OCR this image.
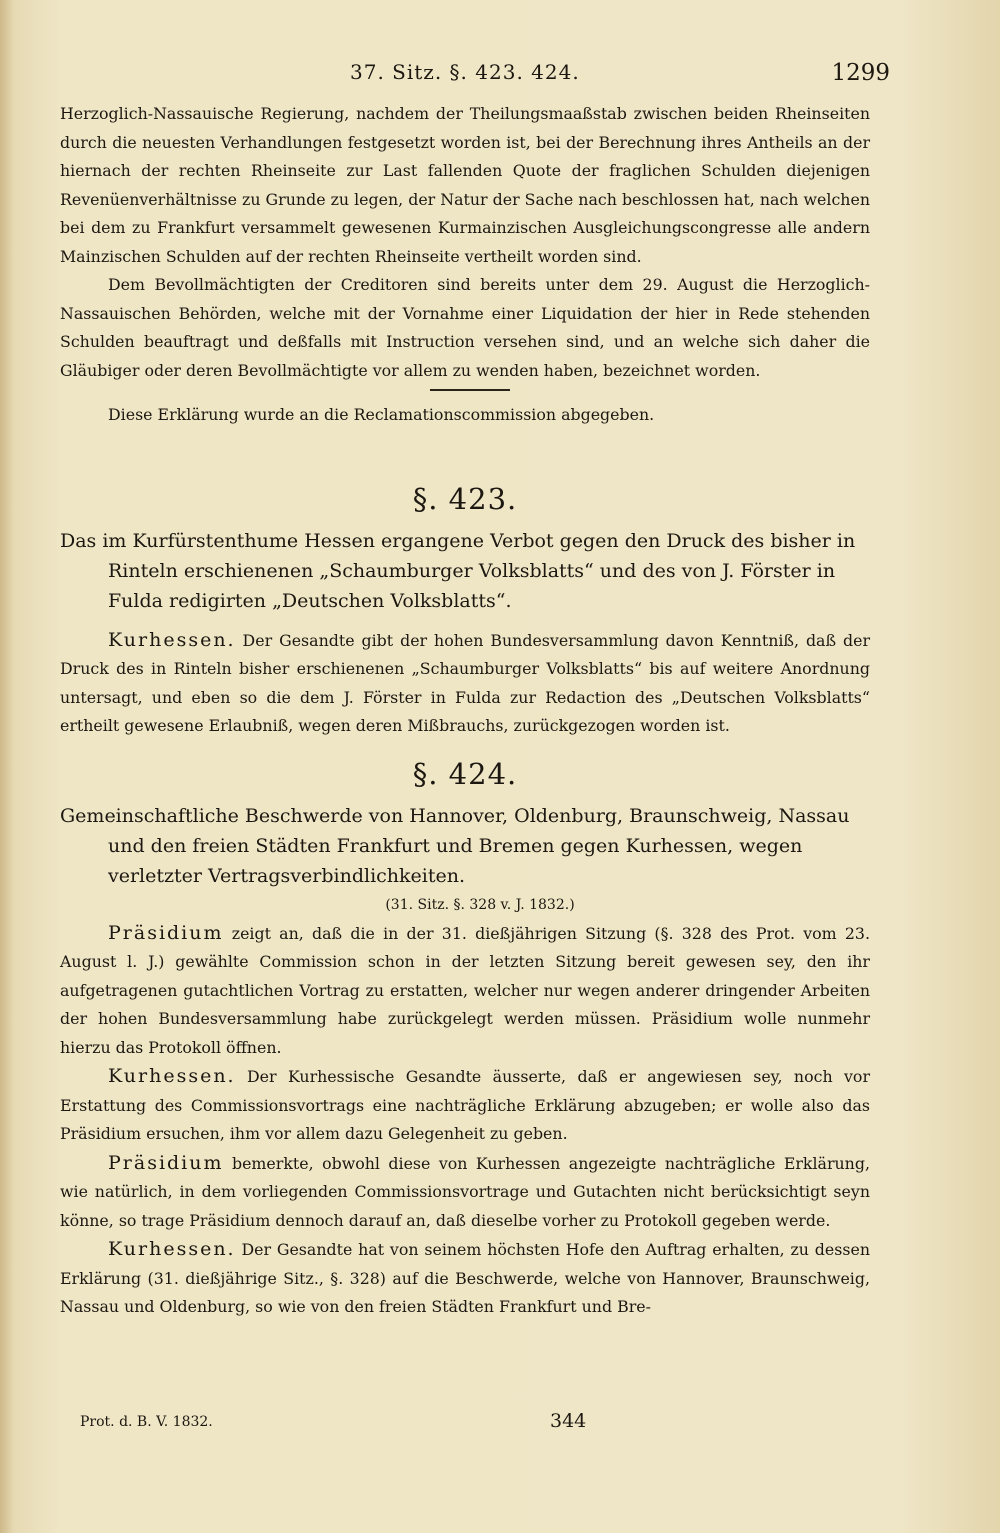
37. Sitz. §. 423. 424.	1299

Herzoglich-Nassauische Regierung, nachdem der Theilungsmaaßstab zwischen beiden Rheinseiten durch die neuesten Verhandlungen festgesetzt worden ist, bei der Berechnung ihres Antheils an der hiernach der rechten Rheinseite zur Last fallenden Quote der fraglichen Schulden diejenigen Revenüenverhältnisse zu Grunde zu legen, der Natur der Sache nach beschlossen hat, nach welchen bei dem zu Frankfurt versammelt gewesenen Kurmainzischen Ausgleichungscongresse alle andern Mainzischen Schulden auf der rechten Rheinseite vertheilt worden sind.

Dem Bevollmächtigten der Creditoren sind bereits unter dem 29. August die Herzoglich-Nassauischen Behörden, welche mit der Vornahme einer Liquidation der hier in Rede stehenden Schulden beauftragt und deßfalls mit Instruction versehen sind, und an welche sich daher die Gläubiger oder deren Bevollmächtigte vor allem zu wenden haben, bezeichnet worden.

Diese Erklärung wurde an die Reclamationscommission abgegeben.

§. 423.

Das im Kurfürstenthume Hessen ergangene Verbot gegen den Druck des bisher in Rinteln erschienenen „Schaumburger Volksblatts“ und des von J. Förster in Fulda redigirten „Deutschen Volksblatts“.

Kurhessen. Der Gesandte gibt der hohen Bundesversammlung davon Kenntniß, daß der Druck des in Rinteln bisher erschienenen „Schaumburger Volksblatts“ bis auf weitere Anordnung untersagt, und eben so die dem J. Förster in Fulda zur Redaction des „Deutschen Volksblatts“ ertheilt gewesene Erlaubniß, wegen deren Mißbrauchs, zurückgezogen worden ist.

§. 424.

Gemeinschaftliche Beschwerde von Hannover, Oldenburg, Braunschweig, Nassau und den freien Städten Frankfurt und Bremen gegen Kurhessen, wegen verletzter Vertragsverbindlichkeiten.

(31. Sitz. §. 328 v. J. 1832.)

Präsidium zeigt an, daß die in der 31. dießjährigen Sitzung (§. 328 des Prot. vom 23. August l. J.) gewählte Commission schon in der letzten Sitzung bereit gewesen sey, den ihr aufgetragenen gutachtlichen Vortrag zu erstatten, welcher nur wegen anderer dringender Arbeiten der hohen Bundesversammlung habe zurückgelegt werden müssen. Präsidium wolle nunmehr hierzu das Protokoll öffnen.

Kurhessen. Der Kurhessische Gesandte äusserte, daß er angewiesen sey, noch vor Erstattung des Commissionsvortrags eine nachträgliche Erklärung abzugeben; er wolle also das Präsidium ersuchen, ihm vor allem dazu Gelegenheit zu geben.

Präsidium bemerkte, obwohl diese von Kurhessen angezeigte nachträgliche Erklärung, wie natürlich, in dem vorliegenden Commissionsvortrage und Gutachten nicht berücksichtigt seyn könne, so trage Präsidium dennoch darauf an, daß dieselbe vorher zu Protokoll gegeben werde.

Kurhessen. Der Gesandte hat von seinem höchsten Hofe den Auftrag erhalten, zu dessen Erklärung (31. dießjährige Sitz., §. 328) auf die Beschwerde, welche von Hannover, Braunschweig, Nassau und Oldenburg, so wie von den freien Städten Frankfurt und Bre-

Prot. d. B. V. 1832.	344
